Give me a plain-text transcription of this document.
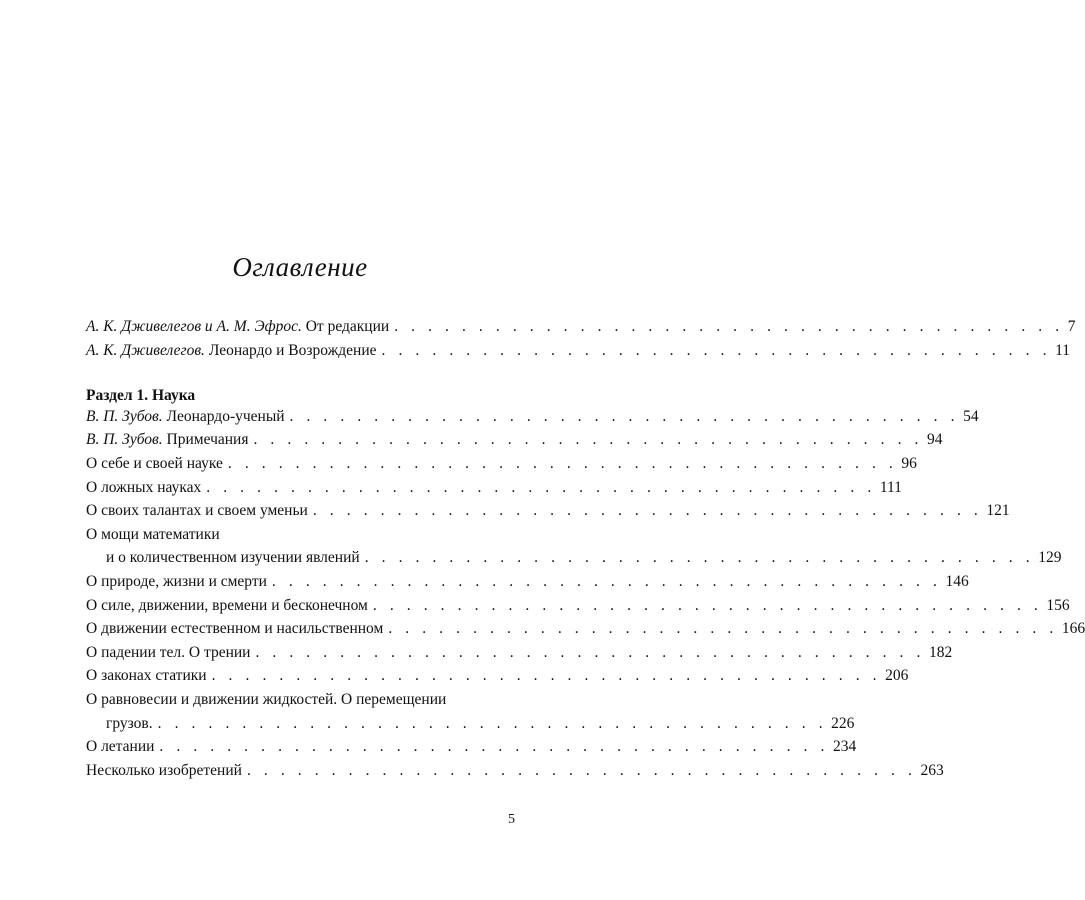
Оглавление
А. К. Дживелегов и А. М. Эфрос. От редакции . . . . . . . . . . . . . . . . . . . . . . . . . . . . . . . . . . . . . . . . 7
А. К. Дживелегов. Леонардо и Возрождение . . . . . . . . . . . . . . . . . . . . . . . . . . . . . . . . . . . . . . . . 11
Раздел 1. Наука
В. П. Зубов. Леонардо-ученый . . . . . . . . . . . . . . . . . . . . . . . . . . . . . . . . . . . . . . . . 54
В. П. Зубов. Примечания . . . . . . . . . . . . . . . . . . . . . . . . . . . . . . . . . . . . . . . . 94
О себе и своей науке . . . . . . . . . . . . . . . . . . . . . . . . . . . . . . . . . . . . . . . . 96
О ложных науках . . . . . . . . . . . . . . . . . . . . . . . . . . . . . . . . . . . . . . . . 111
О своих талантах и своем уменьи . . . . . . . . . . . . . . . . . . . . . . . . . . . . . . . . . . . . . . . . 121
О мощи математики
и о количественном изучении явлений . . . . . . . . . . . . . . . . . . . . . . . . . . . . . . . . . . . . . . . . 129
О природе, жизни и смерти . . . . . . . . . . . . . . . . . . . . . . . . . . . . . . . . . . . . . . . . 146
О силе, движении, времени и бесконечном . . . . . . . . . . . . . . . . . . . . . . . . . . . . . . . . . . . . . . . . 156
О движении естественном и насильственном . . . . . . . . . . . . . . . . . . . . . . . . . . . . . . . . . . . . . . . . 166
О падении тел. О трении . . . . . . . . . . . . . . . . . . . . . . . . . . . . . . . . . . . . . . . . 182
О законах статики . . . . . . . . . . . . . . . . . . . . . . . . . . . . . . . . . . . . . . . . 206
О равновесии и движении жидкостей. О перемещении
грузов. . . . . . . . . . . . . . . . . . . . . . . . . . . . . . . . . . . . . . . . . 226
О летании . . . . . . . . . . . . . . . . . . . . . . . . . . . . . . . . . . . . . . . . 234
Несколько изобретений . . . . . . . . . . . . . . . . . . . . . . . . . . . . . . . . . . . . . . . . 263
5
